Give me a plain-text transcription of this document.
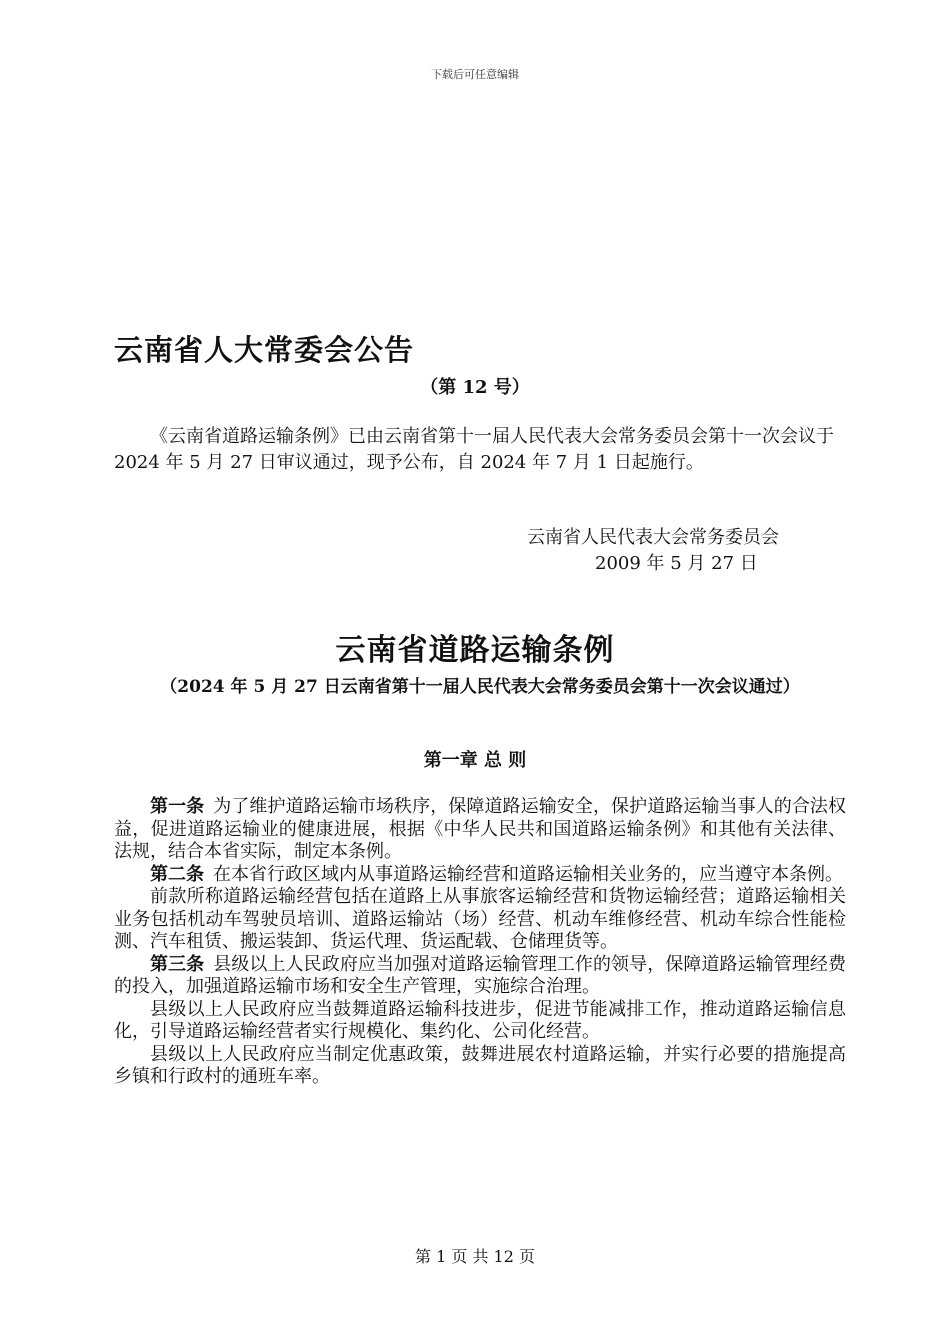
下载后可任意编辑
云南省人大常委会公告
（第 12 号）

《云南省道路运输条例》已由云南省第十一届人民代表大会常务委员会第十一次会议于 2024 年 5 月 27 日审议通过，现予公布，自 2024 年 7 月 1 日起施行。

云南省人民代表大会常务委员会
2009 年 5 月 27 日
云南省道路运输条例
（2024 年 5 月 27 日云南省第十一届人民代表大会常务委员会第十一次会议通过）
第一章 总 则

第一条 为了维护道路运输市场秩序，保障道路运输安全，保护道路运输当事人的合法权益，促进道路运输业的健康进展，根据《中华人民共和国道路运输条例》和其他有关法律、法规，结合本省实际，制定本条例。

第二条 在本省行政区域内从事道路运输经营和道路运输相关业务的，应当遵守本条例。

前款所称道路运输经营包括在道路上从事旅客运输经营和货物运输经营；道路运输相关业务包括机动车驾驶员培训、道路运输站（场）经营、机动车维修经营、机动车综合性能检测、汽车租赁、搬运装卸、货运代理、货运配载、仓储理货等。

第三条 县级以上人民政府应当加强对道路运输管理工作的领导，保障道路运输管理经费的投入，加强道路运输市场和安全生产管理，实施综合治理。

县级以上人民政府应当鼓舞道路运输科技进步，促进节能减排工作，推动道路运输信息化，引导道路运输经营者实行规模化、集约化、公司化经营。

县级以上人民政府应当制定优惠政策，鼓舞进展农村道路运输，并实行必要的措施提高乡镇和行政村的通班车率。

第 1 页 共 12 页
